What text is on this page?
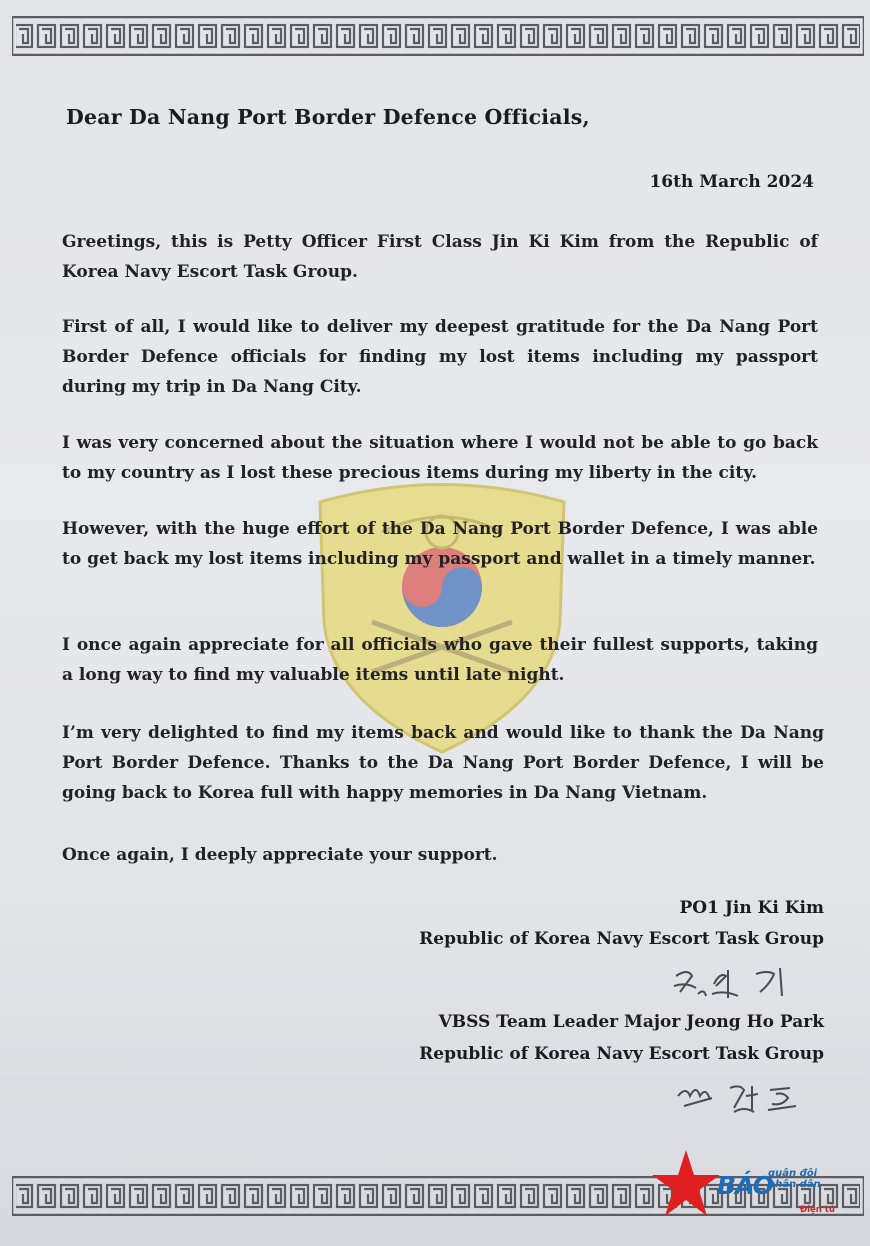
Dear Da Nang Port Border Defence Officials,
16th March 2024
Greetings, this is Petty Officer First Class Jin Ki Kim from the Republic of Korea Navy Escort Task Group.
First of all, I would like to deliver my deepest gratitude for the Da Nang Port Border Defence officials for finding my lost items including my passport during my trip in Da Nang City.
I was very concerned about the situation where I would not be able to go back to my country as I lost these precious items during my liberty in the city.
However, with the huge effort of the Da Nang Port Border Defence, I was able to get back my lost items including my passport and wallet in a timely manner.
I once again appreciate for all officials who gave their fullest supports, taking a long way to find my valuable items until late night.
I’m very delighted to find my items back and would like to thank the Da Nang Port Border Defence. Thanks to the Da Nang Port Border Defence, I will be going back to Korea full with happy memories in Da Nang Vietnam.
Once again, I deeply appreciate your support.
PO1 Jin Ki Kim
Republic of Korea Navy Escort Task Group
VBSS Team Leader Major Jeong Ho Park
Republic of Korea Navy Escort Task Group
BÁO
quân đội
nhân dân
Điện tử
